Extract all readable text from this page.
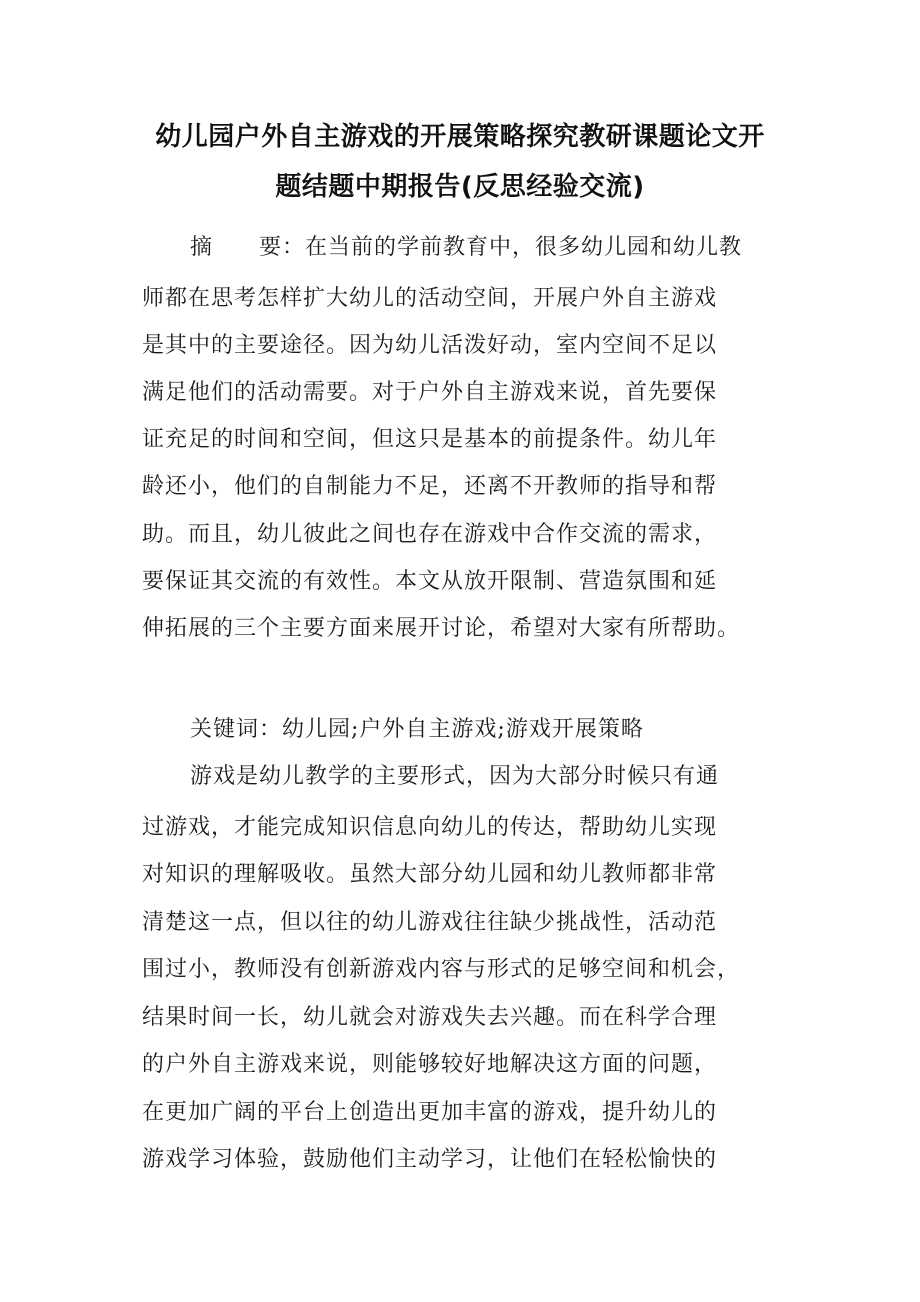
幼儿园户外自主游戏的开展策略探究教研课题论文开
题结题中期报告(反思经验交流)
摘　　要：在当前的学前教育中，很多幼儿园和幼儿教
师都在思考怎样扩大幼儿的活动空间，开展户外自主游戏
是其中的主要途径。因为幼儿活泼好动，室内空间不足以
满足他们的活动需要。对于户外自主游戏来说，首先要保
证充足的时间和空间，但这只是基本的前提条件。幼儿年
龄还小，他们的自制能力不足，还离不开教师的指导和帮
助。而且，幼儿彼此之间也存在游戏中合作交流的需求，
要保证其交流的有效性。本文从放开限制、营造氛围和延
伸拓展的三个主要方面来展开讨论，希望对大家有所帮助。
关键词：幼儿园;户外自主游戏;游戏开展策略
游戏是幼儿教学的主要形式，因为大部分时候只有通
过游戏，才能完成知识信息向幼儿的传达，帮助幼儿实现
对知识的理解吸收。虽然大部分幼儿园和幼儿教师都非常
清楚这一点，但以往的幼儿游戏往往缺少挑战性，活动范
围过小，教师没有创新游戏内容与形式的足够空间和机会，
结果时间一长，幼儿就会对游戏失去兴趣。而在科学合理
的户外自主游戏来说，则能够较好地解决这方面的问题，
在更加广阔的平台上创造出更加丰富的游戏，提升幼儿的
游戏学习体验，鼓励他们主动学习，让他们在轻松愉快的
